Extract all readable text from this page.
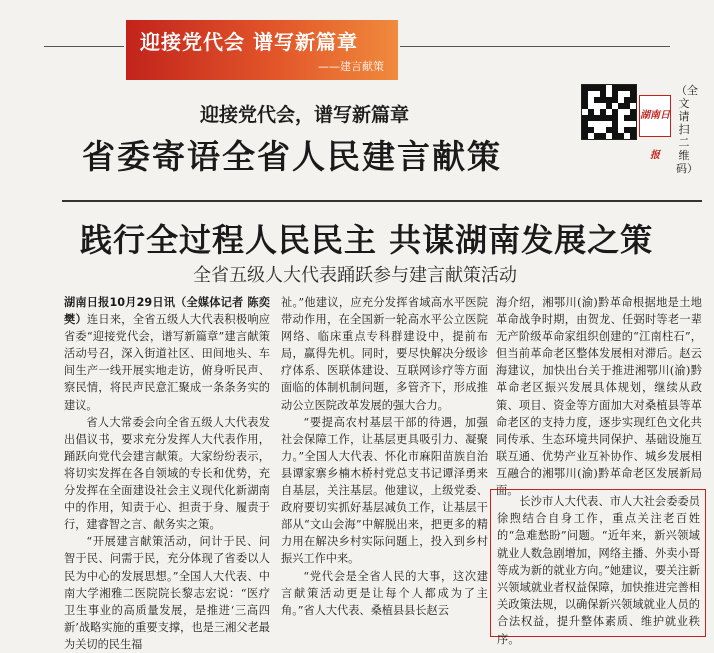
迎接党代会 谱写新篇章
——建言献策
迎接党代会，谱写新篇章
省委寄语全省人民建言献策
湖南日报
（全文请扫二维码）
践行全过程人民民主 共谋湖南发展之策
全省五级人大代表踊跃参与建言献策活动

湖南日报10月29日讯（全媒体记者 陈奕樊）连日来，全省五级人大代表积极响应省委“迎接党代会，谱写新篇章”建言献策活动号召，深入街道社区、田间地头、车间生产一线开展实地走访，俯身听民声、察民情，将民声民意汇聚成一条条务实的建议。

省人大常委会向全省五级人大代表发出倡议书，要求充分发挥人大代表作用，踊跃向党代会建言献策。大家纷纷表示，将切实发挥在各自领域的专长和优势，充分发挥在全面建设社会主义现代化新湖南中的作用，知责于心、担责于身、履责于行，建睿智之言、献务实之策。

“开展建言献策活动，问计于民、问智于民、问需于民，充分体现了省委以人民为中心的发展思想。”全国人大代表、中南大学湘雅二医院院长黎志宏说：“医疗卫生事业的高质量发展，是推进‘三高四新’战略实施的重要支撑，也是三湘父老最为关切的民生福

祉。”他建议，应充分发挥省域高水平医院带动作用，在全国新一轮高水平公立医院网络、临床重点专科群建设中，提前布局，赢得先机。同时，要尽快解决分级诊疗体系、医联体建设、互联网诊疗等方面面临的体制机制问题，多管齐下，形成推动公立医院改革发展的强大合力。

“要提高农村基层干部的待遇，加强社会保障工作，让基层更具吸引力、凝聚力。”全国人大代表、怀化市麻阳苗族自治县谭家寨乡楠木桥村党总支书记谭泽勇来自基层，关注基层。他建议，上级党委、政府要切实抓好基层减负工作，让基层干部从“文山会海”中解脱出来，把更多的精力用在解决乡村实际问题上，投入到乡村振兴工作中来。

“党代会是全省人民的大事，这次建言献策活动更是让每个人都成为了主角。”省人大代表、桑植县县长赵云

海介绍，湘鄂川(渝)黔革命根据地是土地革命战争时期，由贺龙、任弼时等老一辈无产阶级革命家组织创建的“江南柱石”，但当前革命老区整体发展相对滞后。赵云海建议，加快出台关于推进湘鄂川(渝)黔革命老区振兴发展具体规划，继续从政策、项目、资金等方面加大对桑植县等革命老区的支持力度，逐步实现红色文化共同传承、生态环境共同保护、基础设施互联互通、优势产业互补协作、城乡发展相互融合的湘鄂川(渝)黔革命老区发展新局面。

长沙市人大代表、市人大社会委委员徐煦结合自身工作，重点关注老百姓的“急难愁盼”问题。“近年来，新兴领域就业人数急剧增加，网络主播、外卖小哥等成为新的就业方向。”她建议，要关注新兴领域就业者权益保障，加快推进完善相关政策法规，以确保新兴领域就业人员的合法权益，提升整体素质、维护就业秩序。
